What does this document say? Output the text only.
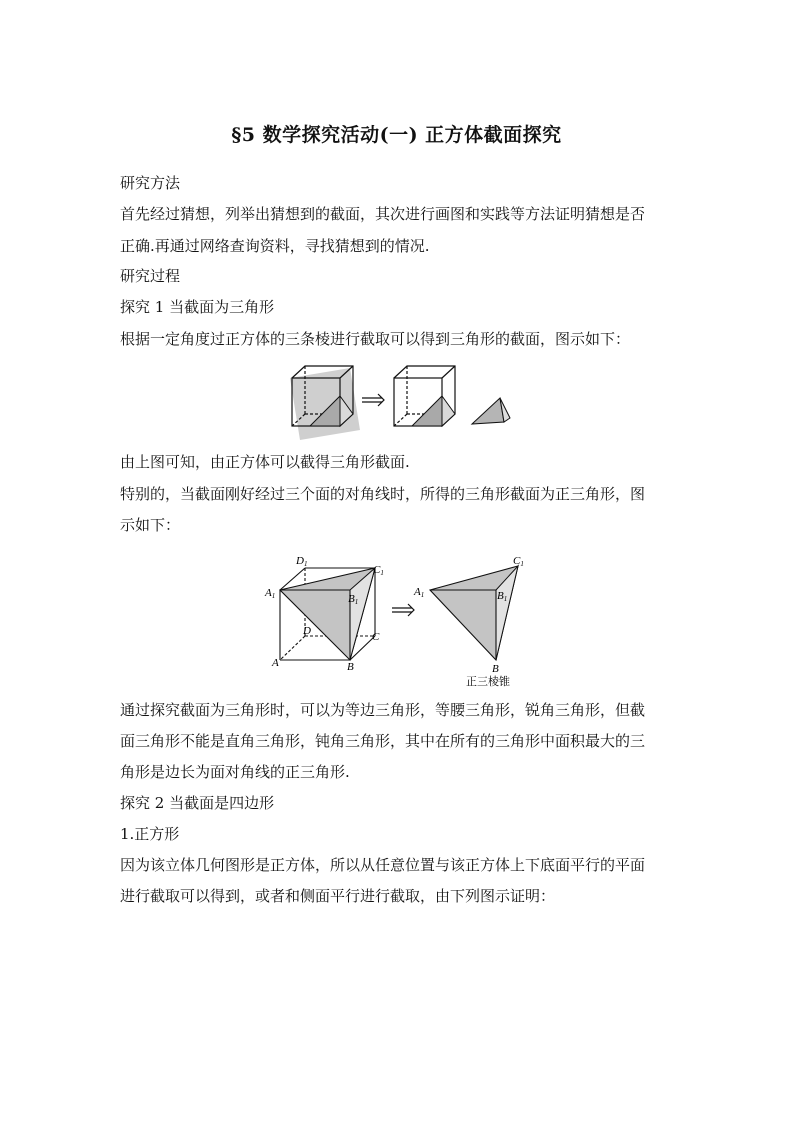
§5 数学探究活动(一) 正方体截面探究
研究方法
首先经过猜想，列举出猜想到的截面，其次进行画图和实践等方法证明猜想是否
正确.再通过网络查询资料，寻找猜想到的情况.
研究过程
探究 1 当截面为三角形
根据一定角度过正方体的三条棱进行截取可以得到三角形的截面，图示如下：
由上图可知，由正方体可以截得三角形截面.
特别的，当截面刚好经过三个面的对角线时，所得的三角形截面为正三角形，图
示如下：
D1	C1
A1	B1
D	C
A	B
A1
C1
B1
B
正三棱锥
通过探究截面为三角形时，可以为等边三角形，等腰三角形，锐角三角形，但截
面三角形不能是直角三角形，钝角三角形，其中在所有的三角形中面积最大的三
角形是边长为面对角线的正三角形.
探究 2 当截面是四边形
1.正方形
因为该立体几何图形是正方体，所以从任意位置与该正方体上下底面平行的平面
进行截取可以得到，或者和侧面平行进行截取，由下列图示证明：
